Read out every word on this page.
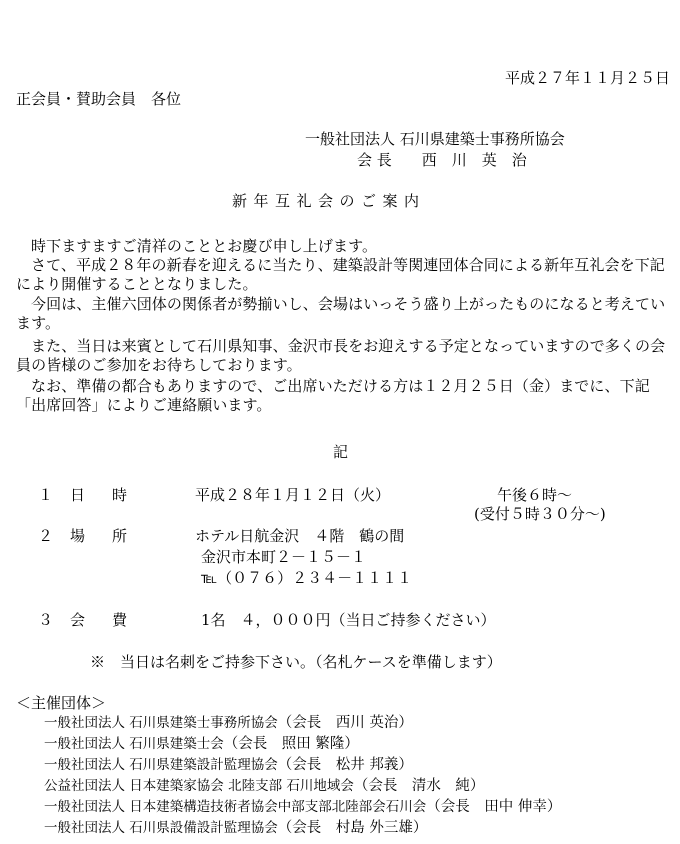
平成２７年１１月２５日
正会員・賛助会員　各位
一般社団法人 石川県建築士事務所協会
会 長　　西　川　英　治
新年互礼会のご案内

時下ますますご清祥のこととお慶び申し上げます。

さて、平成２８年の新春を迎えるに当たり、建築設計等関連団体合同による新年互礼会を下記により開催することとなりました。

今回は、主催六団体の関係者が勢揃いし、会場はいっそう盛り上がったものになると考えています。

また、当日は来賓として石川県知事、金沢市長をお迎えする予定となっていますので多くの会員の皆様のご参加をお待ちしております。

なお、準備の都合もありますので、ご出席いただける方は１２月２５日（金）までに、下記「出席回答」によりご連絡願います。

記
１ 日　時	平成２８年１月１２日（火）	午後６時～
(受付５時３０分～)
２ 場　所	ホテル日航金沢　４階　鶴の間
金沢市本町２－１５－１
℡（０７６）２３４－１１１１
３ 会　費	1名　４，０００円（当日ご持参ください）
※　当日は名刺をご持参下さい。（名札ケースを準備します）
＜主催団体＞
一般社団法人 石川県建築士事務所協会（会長　西川 英治）
一般社団法人 石川県建築士会（会長　照田 繁隆）
一般社団法人 石川県建築設計監理協会（会長　松井 邦義）
公益社団法人 日本建築家協会 北陸支部 石川地域会（会長　清水　純）
一般社団法人 日本建築構造技術者協会中部支部北陸部会石川会（会長　田中 伸幸）
一般社団法人 石川県設備設計監理協会（会長　村島 外三雄）
